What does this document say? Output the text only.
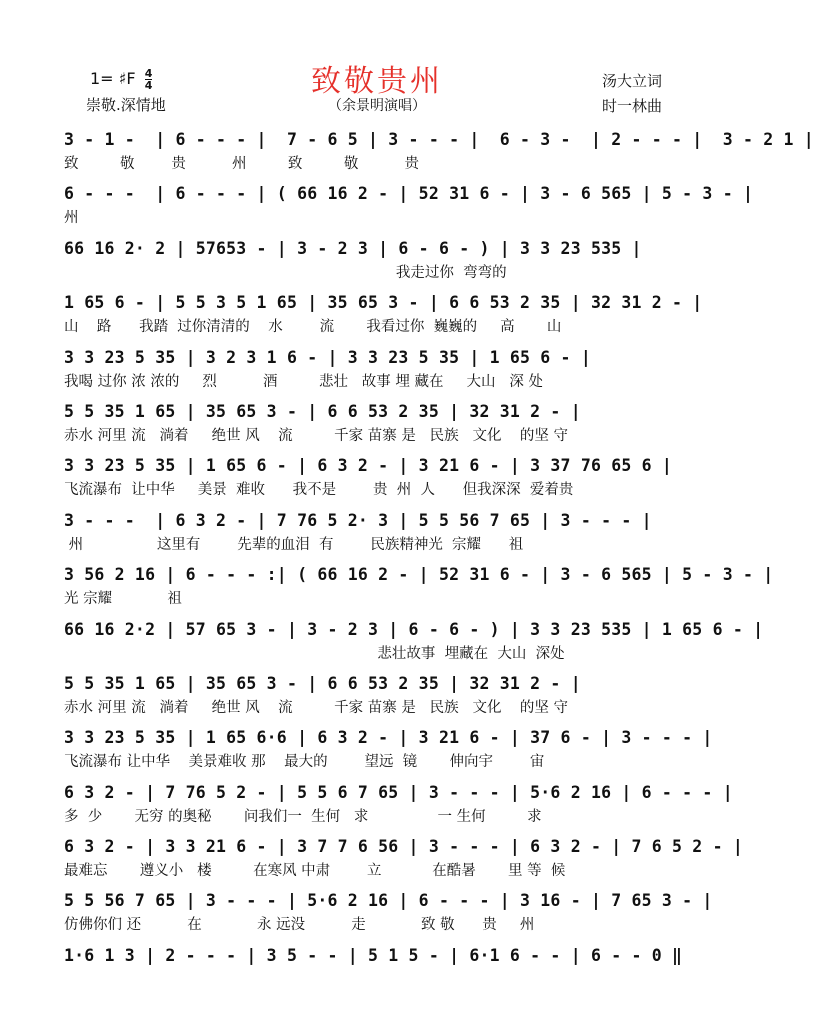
致敬贵州
1= ♯F $\frac{4}{4}$
崇敬.深情地	（余景明演唱）
汤大立词
时一林曲
3 - 1 -  | 6 - - - |  7 - 6 5 | 3 - - - |  6 - 3 -  | 2 - - - |  3 - 2 1 |
致         敬        贵          州         致         敬          贵
6 - - -  | 6 - - - | ( 66 16 2 - | 52 31 6 - | 3 - 6 565 | 5 - 3 - |
州
66 16 2· 2 | 57653 - | 3 - 2 3 | 6 - 6 - ) | 3 3 23 535 |
我走过你  弯弯的
1 65 6 - | 5 5 3 5 1 65 | 35 65 3 - | 6 6 53 2 35 | 32 31 2 - |
山    路      我踏  过你清清的    水        流       我看过你  巍巍的     高       山
3 3 23 5 35 | 3 2 3 1 6 - | 3 3 23 5 35 | 1 65 6 - |
我喝 过你 浓 浓的     烈          酒         悲壮   故事 埋 藏在     大山   深 处
5 5 35 1 65 | 35 65 3 - | 6 6 53 2 35 | 32 31 2 - |
赤水 河里 流   淌着     绝世 风    流         千家 苗寨 是   民族   文化    的坚 守
3 3 23 5 35 | 1 65 6 - | 6 3 2 - | 3 21 6 - | 3 37 76 65 6 |
飞流瀑布  让中华     美景  难收      我不是        贵  州  人      但我深深  爱着贵
3 - - -  | 6 3 2 - | 7 76 5 2· 3 | 5 5 56 7 65 | 3 - - - |
州                这里有        先辈的血泪  有        民族精神光  宗耀      祖
3 56 2 16 | 6 - - - :| ( 66 16 2 - | 52 31 6 - | 3 - 6 565 | 5 - 3 - |
光 宗耀            祖
66 16 2·2 | 57 65 3 - | 3 - 2 3 | 6 - 6 - ) | 3 3 23 535 | 1 65 6 - |
悲壮故事  埋藏在  大山  深处
5 5 35 1 65 | 35 65 3 - | 6 6 53 2 35 | 32 31 2 - |
赤水 河里 流   淌着     绝世 风    流         千家 苗寨 是   民族   文化    的坚 守
3 3 23 5 35 | 1 65 6·6 | 6 3 2 - | 3 21 6 - | 37 6 - | 3 - - - |
飞流瀑布 让中华    美景难收 那    最大的        望远  镜       伸向宇        宙
6 3 2 - | 7 76 5 2 - | 5 5 6 7 65 | 3 - - - | 5·6 2 16 | 6 - - - |
多  少       无穷 的奥秘       问我们一  生何   求               一 生何         求
6 3 2 - | 3 3 21 6 - | 3 7 7 6 56 | 3 - - - | 6 3 2 - | 7 6 5 2 - |
最难忘       遵义小   楼         在寒风 中肃        立           在酷暑       里 等  候
5 5 56 7 65 | 3 - - - | 5·6 2 16 | 6 - - - | 3 16 - | 7 65 3 - |
仿佛你们 还          在            永 远没          走            致 敬      贵     州
1·6 1 3 | 2 - - - | 3 5 - - | 5 1 5 - | 6·1 6 - - | 6 - - 0 ‖
